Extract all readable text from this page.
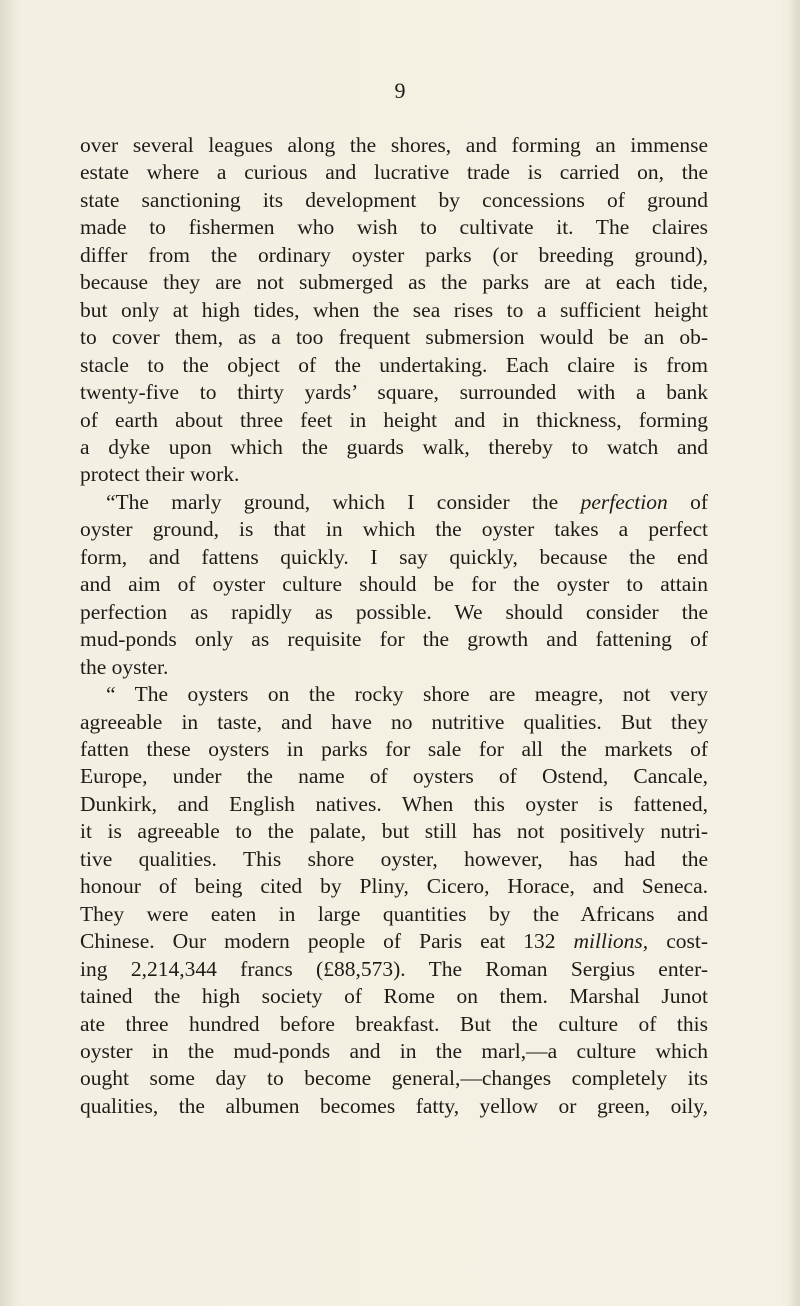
9
over several leagues along the shores, and forming an immense
estate where a curious and lucrative trade is carried on, the
state sanctioning its development by concessions of ground
made to fishermen who wish to cultivate it. The claires
differ from the ordinary oyster parks (or breeding ground),
because they are not submerged as the parks are at each tide,
but only at high tides, when the sea rises to a sufficient height
to cover them, as a too frequent submersion would be an ob-
stacle to the object of the undertaking. Each claire is from
twenty-five to thirty yards’ square, surrounded with a bank
of earth about three feet in height and in thickness, forming
a dyke upon which the guards walk, thereby to watch and
protect their work.
“The marly ground, which I consider the perfection of
oyster ground, is that in which the oyster takes a perfect
form, and fattens quickly. I say quickly, because the end
and aim of oyster culture should be for the oyster to attain
perfection as rapidly as possible. We should consider the
mud-ponds only as requisite for the growth and fattening of
the oyster.
“ The oysters on the rocky shore are meagre, not very
agreeable in taste, and have no nutritive qualities. But they
fatten these oysters in parks for sale for all the markets of
Europe, under the name of oysters of Ostend, Cancale,
Dunkirk, and English natives. When this oyster is fattened,
it is agreeable to the palate, but still has not positively nutri-
tive qualities. This shore oyster, however, has had the
honour of being cited by Pliny, Cicero, Horace, and Seneca.
They were eaten in large quantities by the Africans and
Chinese. Our modern people of Paris eat 132 millions, cost-
ing 2,214,344 francs (£88,573). The Roman Sergius enter-
tained the high society of Rome on them. Marshal Junot
ate three hundred before breakfast. But the culture of this
oyster in the mud-ponds and in the marl,—a culture which
ought some day to become general,—changes completely its
qualities, the albumen becomes fatty, yellow or green, oily,
